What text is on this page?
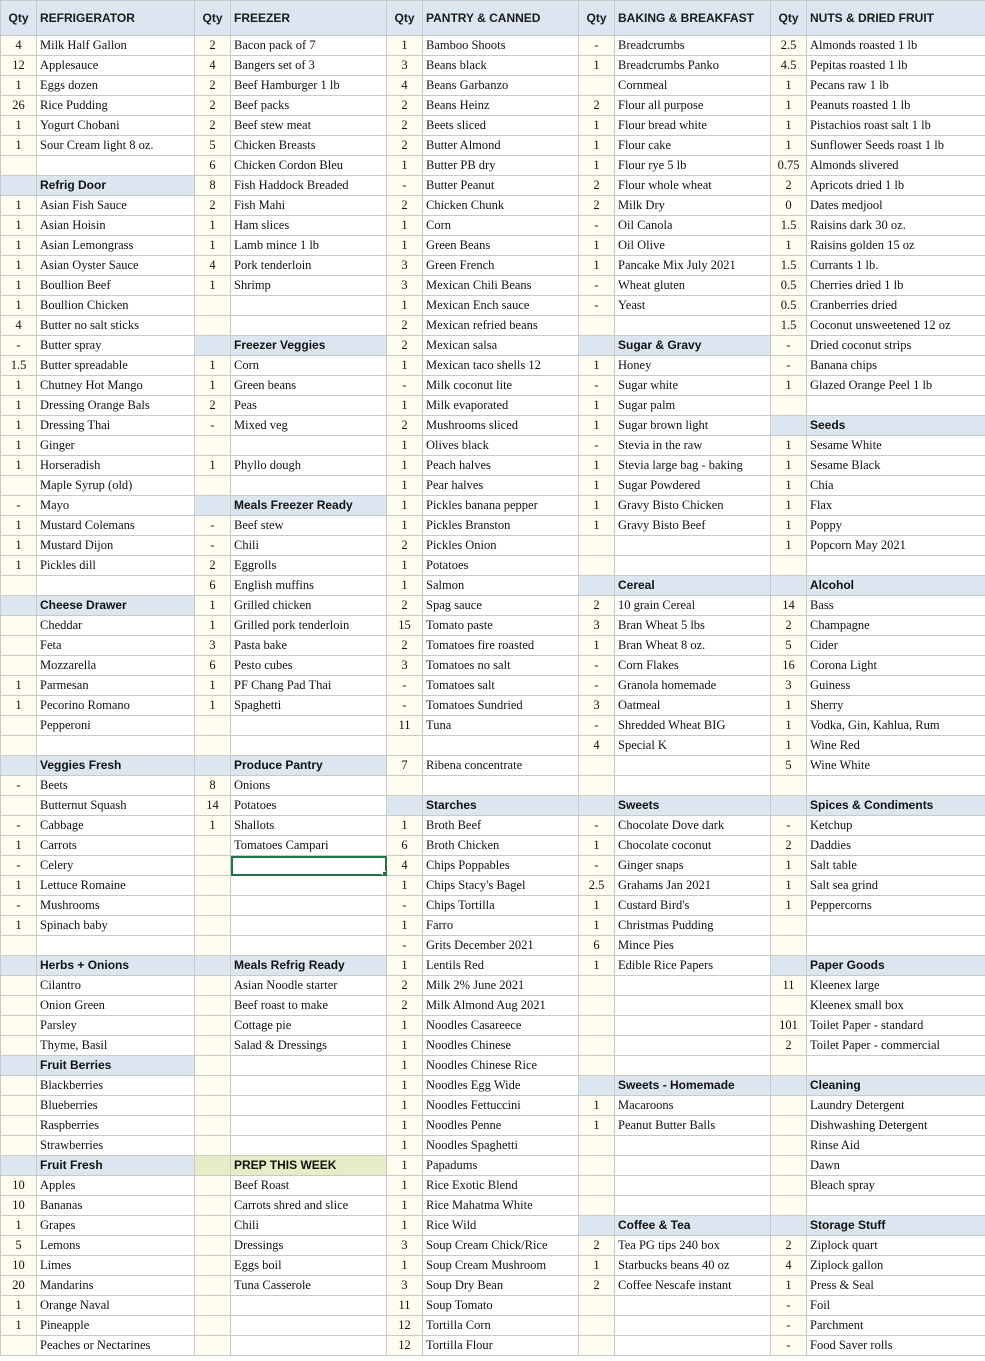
Qty	REFRIGERATOR	Qty	FREEZER	Qty	PANTRY & CANNED	Qty	BAKING & BREAKFAST	Qty	NUTS & DRIED FRUIT
4	Milk Half Gallon	2	Bacon pack of 7	1	Bamboo Shoots	-	Breadcrumbs	2.5	Almonds roasted 1 lb
12	Applesauce	4	Bangers set of 3	3	Beans black	1	Breadcrumbs Panko	4.5	Pepitas roasted 1 lb
1	Eggs dozen	2	Beef Hamburger 1 lb	4	Beans Garbanzo		Cornmeal	1	Pecans raw 1 lb
26	Rice Pudding	2	Beef packs	2	Beans Heinz	2	Flour all purpose	1	Peanuts roasted 1 lb
1	Yogurt Chobani	2	Beef stew meat	2	Beets sliced	1	Flour bread white	1	Pistachios roast salt 1 lb
1	Sour Cream light 8 oz.	5	Chicken Breasts	2	Butter Almond	1	Flour cake	1	Sunflower Seeds roast 1 lb
		6	Chicken Cordon Bleu	1	Butter PB dry	1	Flour rye 5 lb	0.75	Almonds slivered
	Refrig Door	8	Fish Haddock Breaded	-	Butter Peanut	2	Flour whole wheat	2	Apricots dried 1 lb
1	Asian Fish Sauce	2	Fish Mahi	2	Chicken Chunk	2	Milk Dry	0	Dates medjool
1	Asian Hoisin	1	Ham slices	1	Corn	-	Oil Canola	1.5	Raisins dark 30 oz.
1	Asian Lemongrass	1	Lamb mince 1 lb	1	Green Beans	1	Oil Olive	1	Raisins golden 15 oz
1	Asian Oyster Sauce	4	Pork tenderloin	3	Green French	1	Pancake Mix July 2021	1.5	Currants 1 lb.
1	Boullion Beef	1	Shrimp	3	Mexican Chili Beans	-	Wheat gluten	0.5	Cherries dried 1 lb
1	Boullion Chicken			1	Mexican Ench sauce	-	Yeast	0.5	Cranberries dried
4	Butter no salt sticks			2	Mexican refried beans			1.5	Coconut unsweetened 12 oz
-	Butter spray		Freezer Veggies	2	Mexican salsa		Sugar & Gravy	-	Dried coconut strips
1.5	Butter spreadable	1	Corn	1	Mexican taco shells 12	1	Honey	-	Banana chips
1	Chutney Hot Mango	1	Green beans	-	Milk coconut lite	-	Sugar white	1	Glazed Orange Peel 1 lb
1	Dressing Orange Bals	2	Peas	1	Milk evaporated	1	Sugar palm		
1	Dressing Thai	-	Mixed veg	2	Mushrooms sliced	1	Sugar brown light		Seeds
1	Ginger			1	Olives black	-	Stevia in the raw	1	Sesame White
1	Horseradish	1	Phyllo dough	1	Peach halves	1	Stevia large bag - baking	1	Sesame Black
	Maple Syrup (old)			1	Pear halves	1	Sugar Powdered	1	Chia
-	Mayo		Meals Freezer Ready	1	Pickles banana pepper	1	Gravy Bisto Chicken	1	Flax
1	Mustard Colemans	-	Beef stew	1	Pickles Branston	1	Gravy Bisto Beef	1	Poppy
1	Mustard Dijon	-	Chili	2	Pickles Onion			1	Popcorn May 2021
1	Pickles dill	2	Eggrolls	1	Potatoes				
		6	English muffins	1	Salmon		Cereal		Alcohol
	Cheese Drawer	1	Grilled chicken	2	Spag sauce	2	10 grain Cereal	14	Bass
	Cheddar	1	Grilled pork tenderloin	15	Tomato paste	3	Bran Wheat 5 lbs	2	Champagne
	Feta	3	Pasta bake	2	Tomatoes fire roasted	1	Bran Wheat 8 oz.	5	Cider
	Mozzarella	6	Pesto cubes	3	Tomatoes no salt	-	Corn Flakes	16	Corona Light
1	Parmesan	1	PF Chang Pad Thai	-	Tomatoes salt	-	Granola homemade	3	Guiness
1	Pecorino Romano	1	Spaghetti	-	Tomatoes Sundried	3	Oatmeal	1	Sherry
	Pepperoni			11	Tuna	-	Shredded Wheat BIG	1	Vodka, Gin, Kahlua, Rum
						4	Special K	1	Wine Red
	Veggies Fresh		Produce Pantry	7	Ribena concentrate			5	Wine White
-	Beets	8	Onions						
	Butternut Squash	14	Potatoes		Starches		Sweets		Spices & Condiments
-	Cabbage	1	Shallots	1	Broth Beef	-	Chocolate Dove dark	-	Ketchup
1	Carrots		Tomatoes Campari	6	Broth Chicken	1	Chocolate coconut	2	Daddies
-	Celery			4	Chips Poppables	-	Ginger snaps	1	Salt table
1	Lettuce Romaine			1	Chips Stacy's Bagel	2.5	Grahams Jan 2021	1	Salt sea grind
-	Mushrooms			-	Chips Tortilla	1	Custard Bird's	1	Peppercorns
1	Spinach baby			1	Farro	1	Christmas Pudding		
				-	Grits December 2021	6	Mince Pies		
	Herbs + Onions		Meals Refrig Ready	1	Lentils Red	1	Edible Rice Papers		Paper Goods
	Cilantro		Asian Noodle starter	2	Milk 2% June 2021			11	Kleenex large
	Onion Green		Beef roast to make	2	Milk Almond Aug 2021				Kleenex small box
	Parsley		Cottage pie	1	Noodles Casareece			101	Toilet Paper - standard
	Thyme, Basil		Salad & Dressings	1	Noodles Chinese			2	Toilet Paper - commercial
	Fruit Berries			1	Noodles Chinese Rice				
	Blackberries			1	Noodles Egg Wide		Sweets - Homemade		Cleaning
	Blueberries			1	Noodles Fettuccini	1	Macaroons		Laundry Detergent
	Raspberries			1	Noodles Penne	1	Peanut Butter Balls		Dishwashing Detergent
	Strawberries			1	Noodles Spaghetti				Rinse Aid
	Fruit Fresh		PREP THIS WEEK	1	Papadums				Dawn
10	Apples		Beef Roast	1	Rice Exotic Blend				Bleach spray
10	Bananas		Carrots shred and slice	1	Rice Mahatma White				
1	Grapes		Chili	1	Rice Wild		Coffee & Tea		Storage Stuff
5	Lemons		Dressings	3	Soup Cream Chick/Rice	2	Tea PG tips 240 box	2	Ziplock quart
10	Limes		Eggs boil	1	Soup Cream Mushroom	1	Starbucks beans 40 oz	4	Ziplock gallon
20	Mandarins		Tuna Casserole	3	Soup Dry Bean	2	Coffee Nescafe instant	1	Press & Seal
1	Orange Naval			11	Soup Tomato			-	Foil
1	Pineapple			12	Tortilla Corn			-	Parchment
	Peaches or Nectarines			12	Tortilla Flour			-	Food Saver rolls
